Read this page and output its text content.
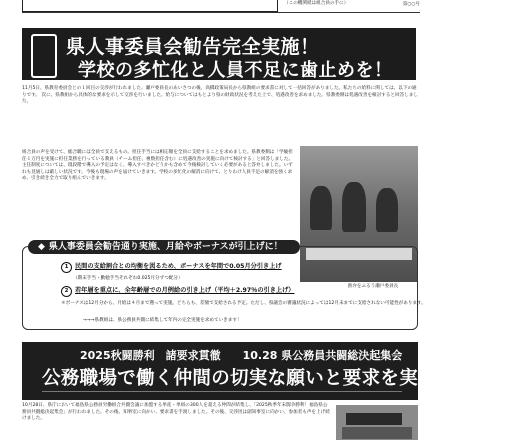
（この機関紙は組合員の手に）	第○○号
県人事委員会勧告完全実施！
学校の多忙化と人員不足に歯止めを！
11月5日、県教育委員会との１回目の交渉が行われました。瀬戸委員長のあいさつの後、高橋政策局長から県教組の要求書に対して一括回答がありました。私たちの給料に関しては、以下の通りです。 次に、県教組から具体的な要求を示して交渉を行いました。給与についてはもとより県の財政状況を考えた上で、処遇改善を求めました。県教委側は処遇改善を検討すると回答しました。
組合員の声を受けて、総合職には全員で支えるもの。担任手当には相応額を全員に支給することを求めました。県教委側は「学級担任１万円を実施に担任業務を行っている教員（チーム担任、複数担任含む）に処遇改善の実施に向けて検討する」と回答しました。主任制度については、現段階で導入の予定はなく、導入すべきかどうかも含めて今後検討していく必要があると答弁しました。いずれも見通しは厳しい状況です。今後も現場の声を届けていきます。学校の多忙化の解消に向けて、とりわけ人員不足の解消を強く求め、引き続き全力で取り組んでいきます。
熱弁をふるう瀬戸委員長
1 民間の支給割合との均衡を図るため、ボーナスを年間で0.05月分引き上げ
（期末手当・勤勉手当それぞれ0.025月分ずつ配分）
2 若年層を重点に、全年齢層での月例給の引き上げ（平均＋2.97％の引き上げ）
＊ボーナスは12月分から、月給は４月まで遡って実施。どちらも、差額で支給される予定。ただし、県議会の審議状況によっては12月末までに支給されない可能性があります。
→→→県教組は、県公務員共闘に結集して年内の完全実施を求めていきます！
◆ 県人事委員会勧告通り実施、月給やボーナスが引上げに！
2025秋闘勝利　諸要求貫徹　　10.28 県公務員共闘総決起集会
公務職場で働く仲間の切実な願いと要求を実現しよう！
10月28日、県庁において福島県公務員労働組合共闘会議に加盟する単産・単組の300人を超える仲間が結集し、「2025秋季年末闘争勝利！福島県公務員共闘総決起集会」が行われました。その後、知事室に向かい、要求書を手渡しました。その後、交渉団は副知事室に向かい、参加者も声を上げ続けました。
